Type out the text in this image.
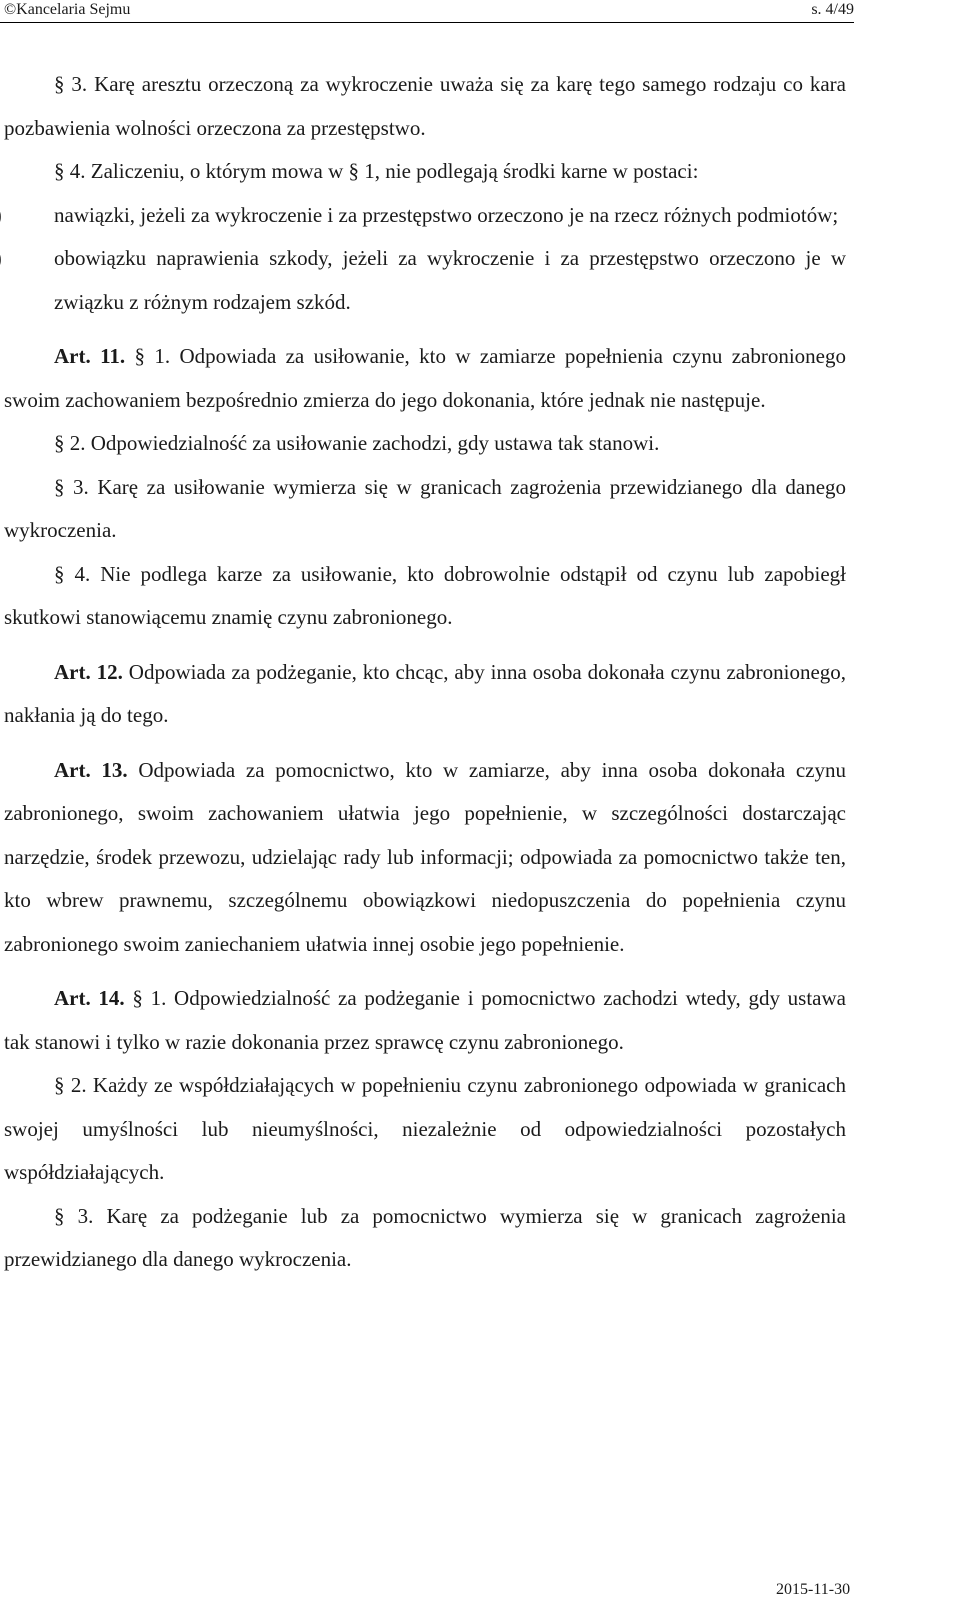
©Kancelaria Sejmu	s. 4/49

§ 3. Karę aresztu orzeczoną za wykroczenie uważa się za karę tego samego rodzaju co kara pozbawienia wolności orzeczona za przestępstwo.

§ 4. Zaliczeniu, o którym mowa w § 1, nie podlegają środki karne w postaci:

nawiązki, jeżeli za wykroczenie i za przestępstwo orzeczono je na rzecz różnych podmiotów;

obowiązku naprawienia szkody, jeżeli za wykroczenie i za przestępstwo orzeczono je w związku z różnym rodzajem szkód.

Art. 11. § 1. Odpowiada za usiłowanie, kto w zamiarze popełnienia czynu zabronionego swoim zachowaniem bezpośrednio zmierza do jego dokonania, które jednak nie następuje.

§ 2. Odpowiedzialność za usiłowanie zachodzi, gdy ustawa tak stanowi.

§ 3. Karę za usiłowanie wymierza się w granicach zagrożenia przewidzianego dla danego wykroczenia.

§ 4. Nie podlega karze za usiłowanie, kto dobrowolnie odstąpił od czynu lub zapobiegł skutkowi stanowiącemu znamię czynu zabronionego.

Art. 12. Odpowiada za podżeganie, kto chcąc, aby inna osoba dokonała czynu zabronionego, nakłania ją do tego.

Art. 13. Odpowiada za pomocnictwo, kto w zamiarze, aby inna osoba dokonała czynu zabronionego, swoim zachowaniem ułatwia jego popełnienie, w szczególności dostarczając narzędzie, środek przewozu, udzielając rady lub informacji; odpowiada za pomocnictwo także ten, kto wbrew prawnemu, szczególnemu obowiązkowi niedopuszczenia do popełnienia czynu zabronionego swoim zaniechaniem ułatwia innej osobie jego popełnienie.

Art. 14. § 1. Odpowiedzialność za podżeganie i pomocnictwo zachodzi wtedy, gdy ustawa tak stanowi i tylko w razie dokonania przez sprawcę czynu zabronionego.

§ 2. Każdy ze współdziałających w popełnieniu czynu zabronionego odpowiada w granicach swojej umyślności lub nieumyślności, niezależnie od odpowiedzialności pozostałych współdziałających.

§ 3. Karę za podżeganie lub za pomocnictwo wymierza się w granicach zagrożenia przewidzianego dla danego wykroczenia.

2015-11-30
